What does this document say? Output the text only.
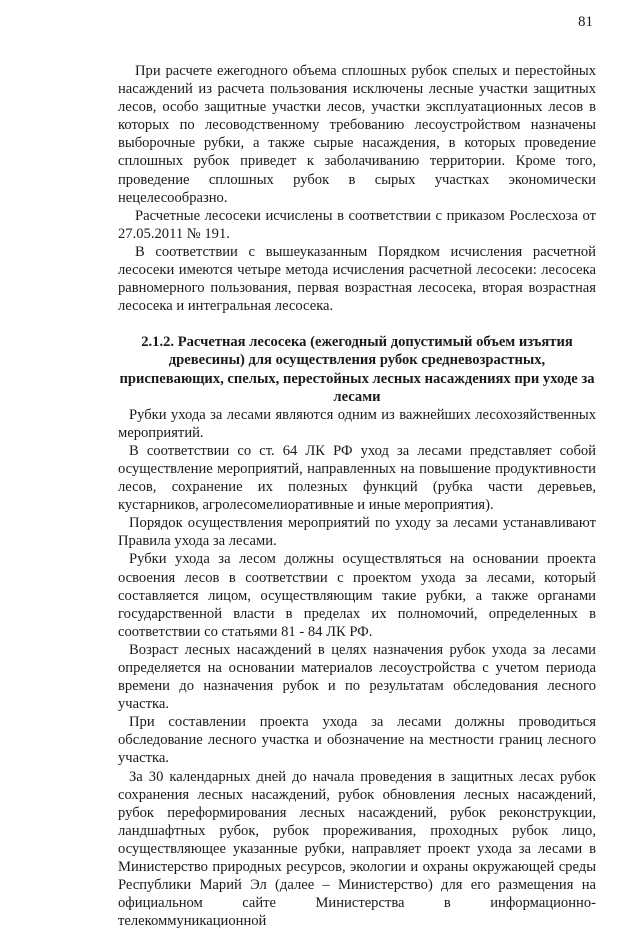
81

При расчете ежегодного объема сплошных рубок спелых и перестойных насаждений из расчета пользования исключены лесные участки защитных лесов, особо защитные участки лесов, участки эксплуатационных лесов в которых по лесоводственному требованию лесоустройством назначены выборочные рубки, а также сырые насаждения, в которых проведение сплошных рубок приведет к заболачиванию территории. Кроме того, проведение сплошных рубок в сырых участках экономически нецелесообразно.

Расчетные лесосеки исчислены в соответствии с приказом Рослесхоза от 27.05.2011 № 191.

В соответствии с вышеуказанным Порядком исчисления расчетной лесосеки имеются четыре метода исчисления расчетной лесосеки: лесосека равномерного пользования, первая возрастная лесосека, вторая возрастная лесосека и интегральная лесосека.

2.1.2. Расчетная лесосека (ежегодный допустимый объем изъятия древесины) для осуществления рубок средневозрастных, приспевающих, спелых, перестойных лесных насаждениях при уходе за лесами

Рубки ухода за лесами являются одним из важнейших лесохозяйственных мероприятий.

В соответствии со ст. 64 ЛК РФ уход за лесами представляет собой осуществление мероприятий, направленных на повышение продуктивности лесов, сохранение их полезных функций (рубка части деревьев, кустарников, агролесомелиоративные и иные мероприятия).

Порядок осуществления мероприятий по уходу за лесами устанавливают Правила ухода за лесами.

Рубки ухода за лесом должны осуществляться на основании проекта освоения лесов в соответствии с проектом ухода за лесами, который составляется лицом, осуществляющим такие рубки, а также органами государственной власти в пределах их полномочий, определенных в соответствии со статьями 81 - 84 ЛК РФ.

Возраст лесных насаждений в целях назначения рубок ухода за лесами определяется на основании материалов лесоустройства с учетом периода времени до назначения рубок и по результатам обследования лесного участка.

При составлении проекта ухода за лесами должны проводиться обследование лесного участка и обозначение на местности границ лесного участка.

За 30 календарных дней до начала проведения в защитных лесах рубок сохранения лесных насаждений, рубок обновления лесных насаждений, рубок переформирования лесных насаждений, рубок реконструкции, ландшафтных рубок, рубок прореживания, проходных рубок лицо, осуществляющее указанные рубки, направляет проект ухода за лесами в Министерство природных ресурсов, экологии и охраны окружающей среды Республики Марий Эл (далее – Министерство) для его размещения на официальном сайте Министерства в информационно-телекоммуникационной
